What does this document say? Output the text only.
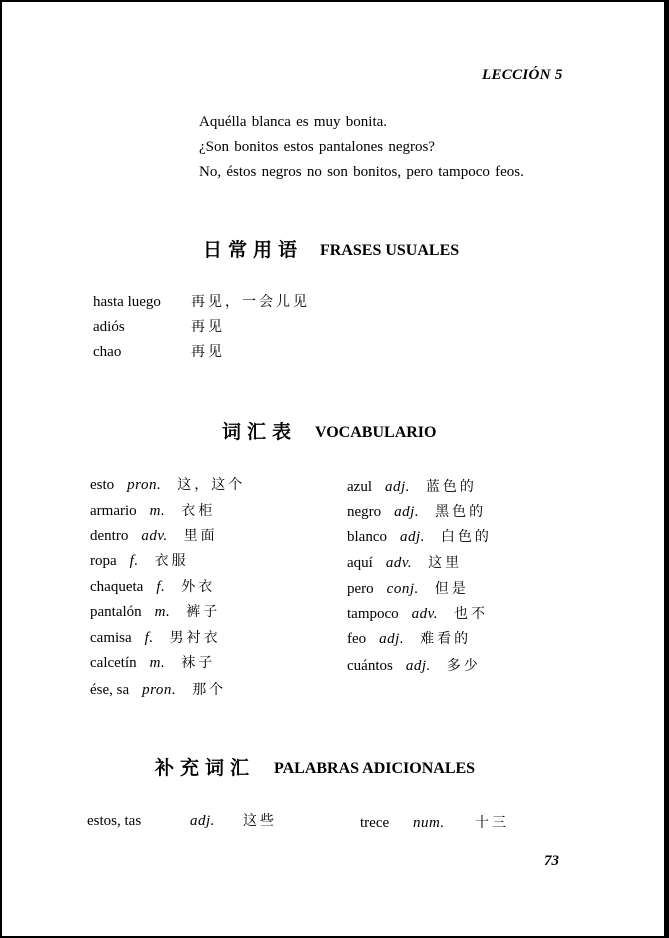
LECCIÓN 5
Aquélla blanca es muy bonita.
¿Son bonitos estos pantalones negros?
No, éstos negros no son bonitos, pero tampoco feos.
日常用语 FRASES USUALES
hasta luego 再见，一会儿见
adiós	再见
chao	再见
词汇表 VOCABULARIO
esto pron. 这，这个
armario m. 衣柜
dentro adv. 里面
ropa f. 衣服
chaqueta f. 外衣
pantalón m. 裤子
camisa f. 男衬衣
calcetín m. 袜子
ése, sa pron. 那个
azul adj. 蓝色的
negro adj. 黑色的
blanco adj. 白色的
aquí adv. 这里
pero conj. 但是
tampoco adv. 也不
feo adj. 难看的
cuántos adj. 多少
补充词汇 PALABRAS ADICIONALES
estos, tas	adj. 这些	trece num. 十三
73
